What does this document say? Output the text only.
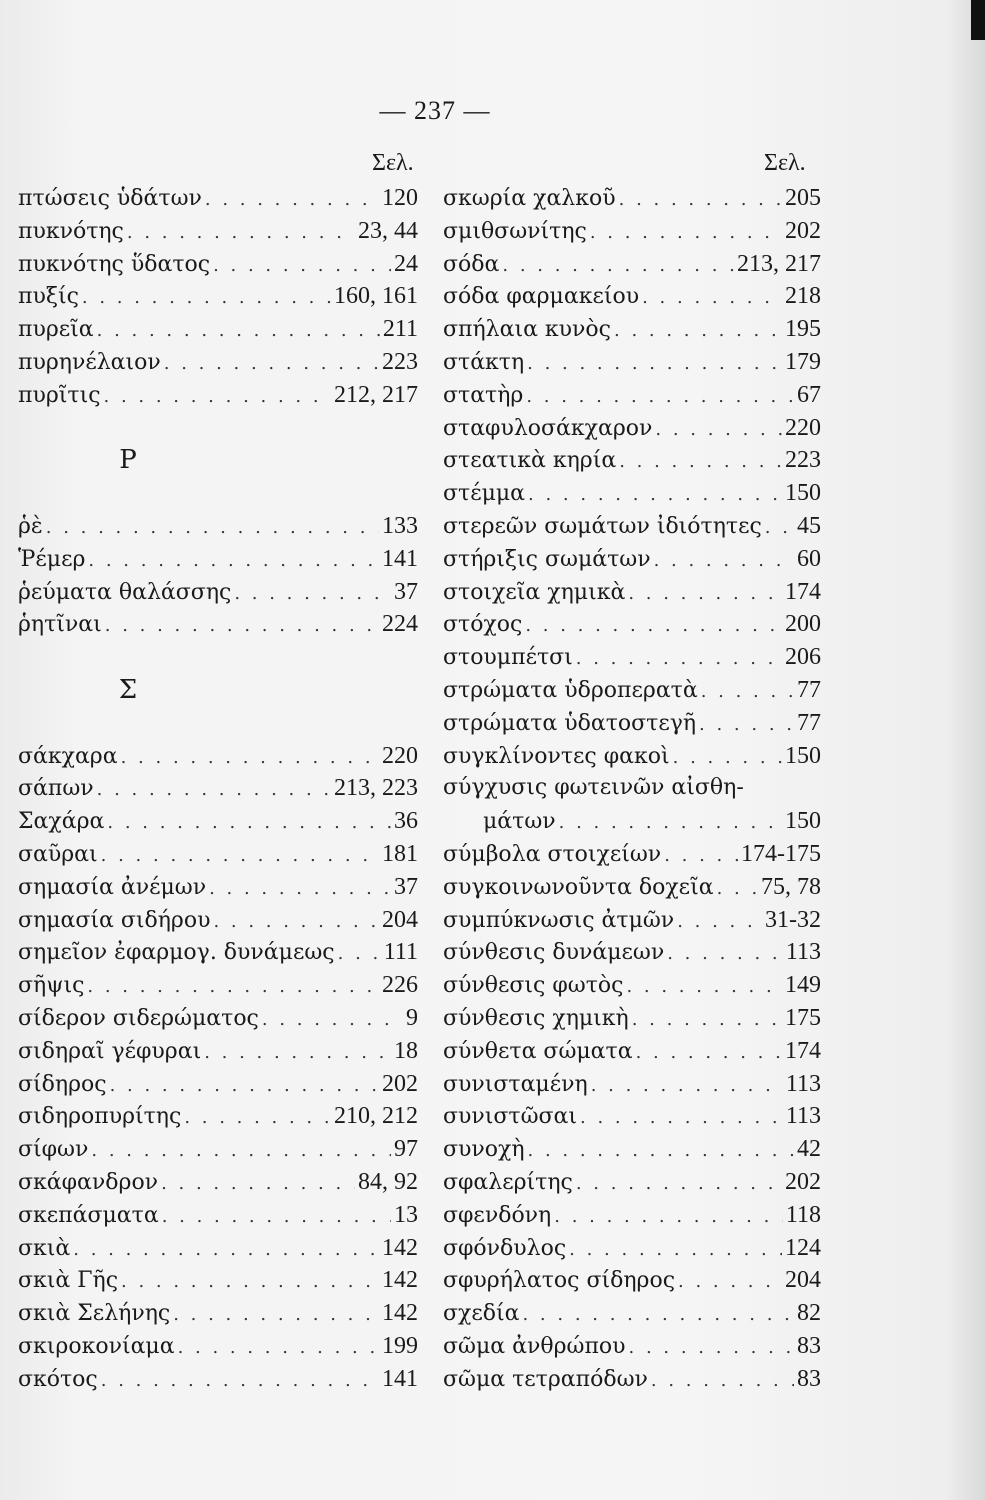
— 237 —
Σελ.	Σελ.
πτώσεις ὑδάτων . . .	120
πυκνότης . . .	23, 44
πυκνότης ὕδατος . . .	24
πυξίς . . .	160, 161
πυρεῖα . . .	211
πυρηνέλαιον . . .	223
πυρῖτις . . .	212, 217
Ρ
ῥὲ . . .	133
Ῥέμερ . . .	141
ῥεύματα θαλάσσης . . .	37
ῥητῖναι . . .	224
Σ
σάκχαρα . . .	220
σάπων . . .	213, 223
Σαχάρα . . .	36
σαῦραι . . .	181
σημασία ἀνέμων . . .	37
σημασία σιδήρου . . .	204
σημεῖον ἐφαρμογ. δυνάμεως . . . 111
σῆψις . . .	226
σίδερον σιδερώματος . . .	9
σιδηραῖ γέφυραι . . .	18
σίδηρος . . .	202
σιδηροπυρίτης . . .	210, 212
σίφων . . .	97
σκάφανδρον . . .	84, 92
σκεπάσματα . . .	13
σκιὰ . . .	142
σκιὰ Γῆς . . .	142
σκιὰ Σελήνης . . .	142
σκιροκονίαμα . . .	199
σκότος . . .	141
σκωρία χαλκοῦ . . .	205
σμιθσωνίτης . . .	202
σόδα . . .	213, 217
σόδα φαρμακείου . . .	218
σπήλαια κυνὸς . . .	195
στάκτη . . .	179
στατὴρ . . .	67
σταφυλοσάκχαρον . . .	220
στεατικὰ κηρία . . .	223
στέμμα . . .	150
στερεῶν σωμάτων ἰδιότητες . . . 45
στήριξις σωμάτων . . .	60
στοιχεῖα χημικὰ . . .	174
στόχος . . .	200
στουμπέτσι . . .	206
στρώματα ὑδροπερατὰ . . .	77
στρώματα ὑδατοστεγῆ . . .	77
συγκλίνοντες φακοὶ . . .	150
σύγχυσις φωτεινῶν αἰσθη-
μάτων . . .	150
σύμβολα στοιχείων . . .	174-175
συγκοινωνοῦντα δοχεῖα . . . 75, 78
συμπύκνωσις ἀτμῶν . . .	31-32
σύνθεσις δυνάμεων . . .	113
σύνθεσις φωτὸς . . .	149
σύνθεσις χημικὴ . . .	175
σύνθετα σώματα . . .	174
συνισταμένη . . .	113
συνιστῶσαι . . .	113
συνοχὴ . . .	42
σφαλερίτης . . .	202
σφενδόνη . . .	118
σφόνδυλος . . .	124
σφυρήλατος σίδηρος . . .	204
σχεδία . . .	82
σῶμα ἀνθρώπου . . .	83
σῶμα τετραπόδων . . .	83
